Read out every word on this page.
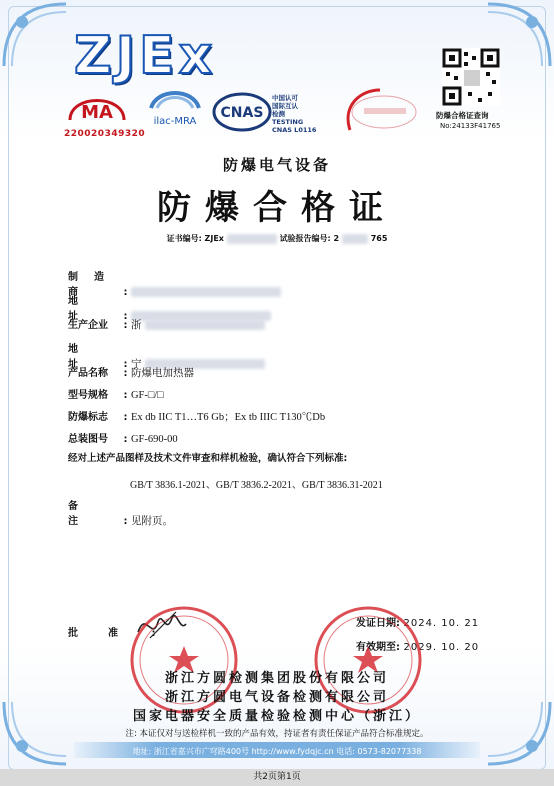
ZJEx
MA
220020349320
ilac-MRA
CNAS
中国认可
国际互认
检测
TESTING
CNAS L0116
防爆合格证查询
No:24133F41765
防爆电气设备
防爆合格证
证书编号: ZJEx	试验报告编号: 2	765
制造商	:
地址 :
生产企业 : 浙
地址 : 宁
产品名称 : 防爆电加热器
型号规格 : GF-□/□
防爆标志 : Ex db IIC T1…T6 Gb；Ex tb IIIC T130℃Db
总装图号 : GF-690-00
经对上述产品图样及技术文件审查和样机检验，确认符合下列标准:
GB/T 3836.1-2021、GB/T 3836.2-2021、GB/T 3836.31-2021
备注 : 见附页。
批准 :
发证日期: 2024. 10. 21
有效期至: 2029. 10. 20
浙江方圆检测集团股份有限公司
浙江方圆电气设备检测有限公司
国家电器安全质量检验检测中心（浙江）
注: 本证仅对与送检样机一致的产品有效，持证者有责任保证产品符合标准规定。
地址: 浙江省嘉兴市广穹路400号 http://www.fydqjc.cn 电话: 0573-82077338
共2页第1页
